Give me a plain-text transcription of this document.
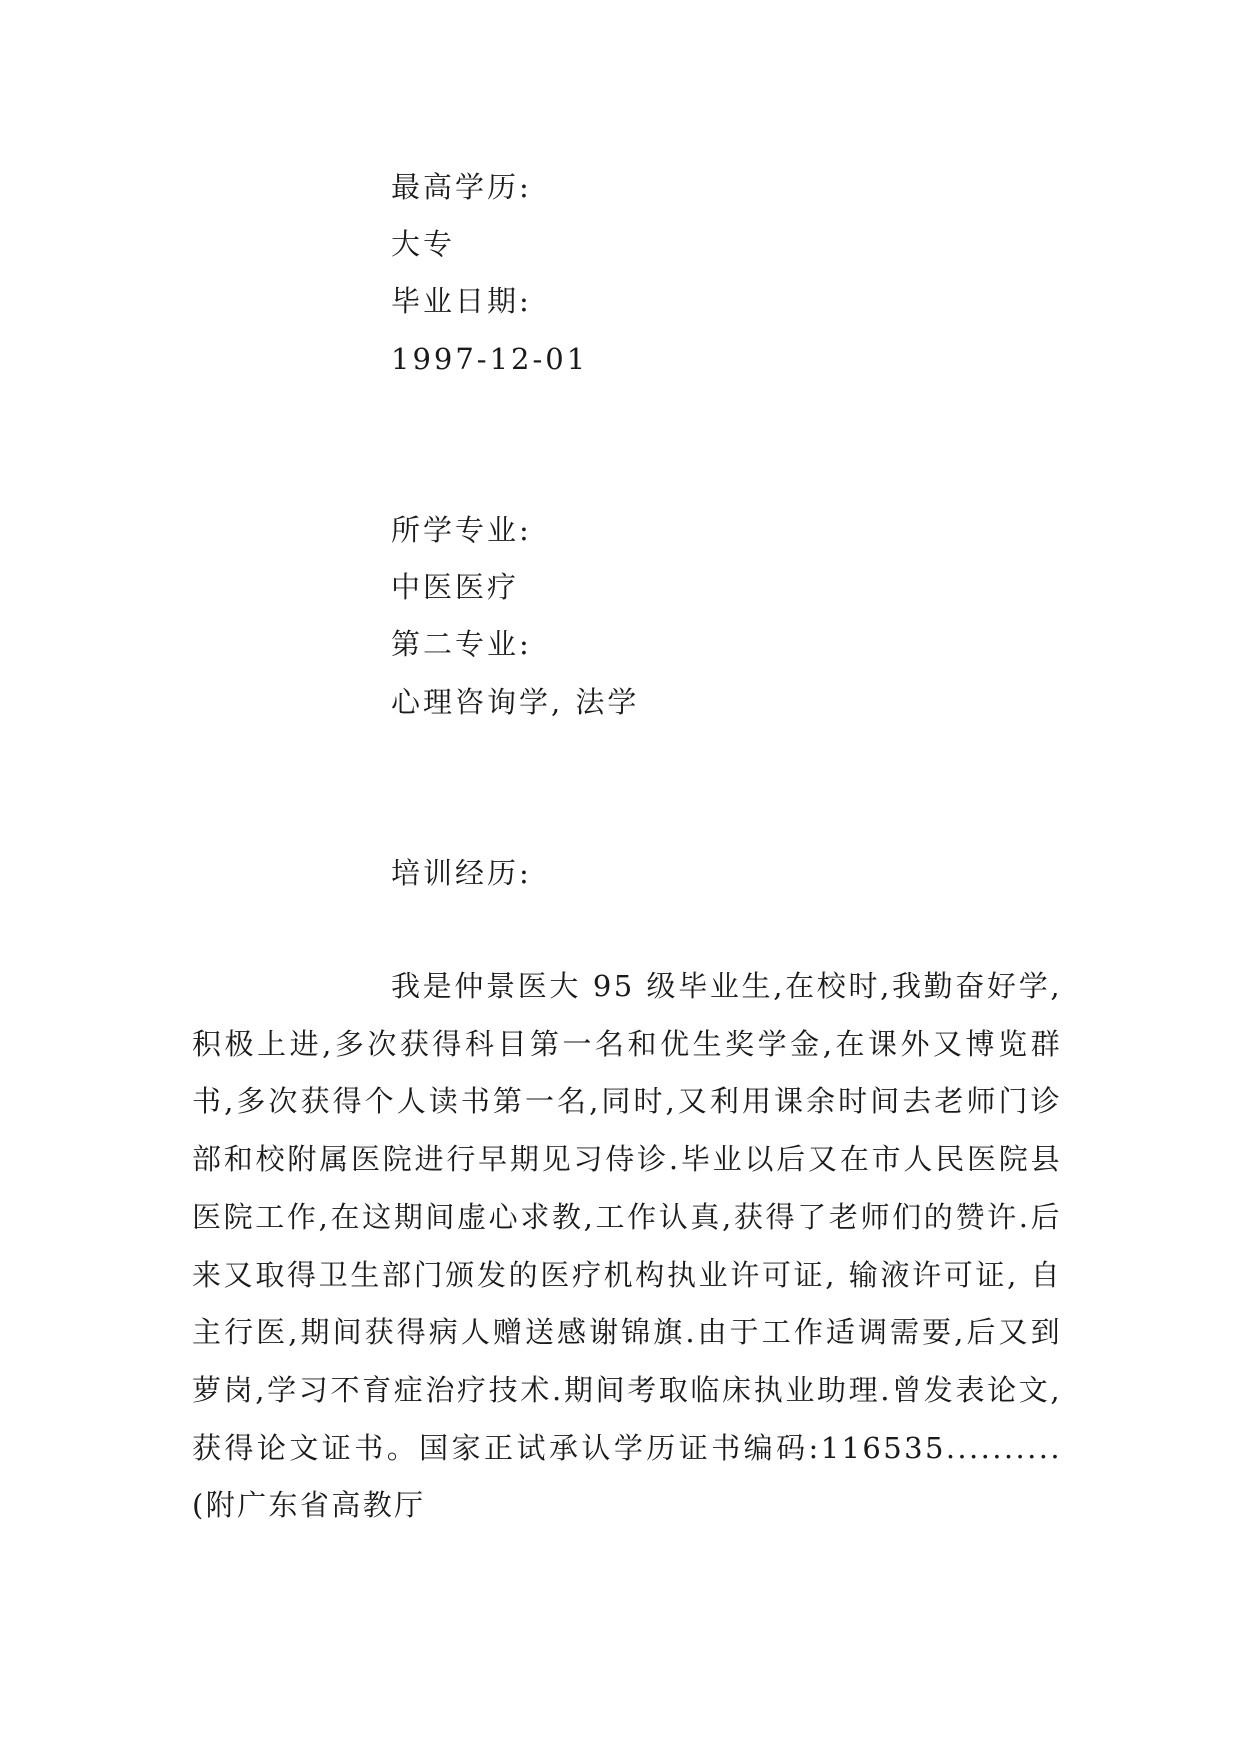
最高学历:
大专
毕业日期:
1997-12-01
所学专业:
中医医疗
第二专业:
心理咨询学, 法学
培训经历:

我是仲景医大 95 级毕业生,在校时,我勤奋好学,积极上进,多次获得科目第一名和优生奖学金,在课外又博览群书,多次获得个人读书第一名,同时,又利用课余时间去老师门诊部和校附属医院进行早期见习侍诊.毕业以后又在市人民医院县医院工作,在这期间虚心求教,工作认真,获得了老师们的赞许.后来又取得卫生部门颁发的医疗机构执业许可证, 输液许可证, 自主行医,期间获得病人赠送感谢锦旗.由于工作适调需要,后又到萝岗,学习不育症治疗技术.期间考取临床执业助理.曾发表论文, 获得论文证书。国家正试承认学历证书编码:116535..........(附广东省高教厅
